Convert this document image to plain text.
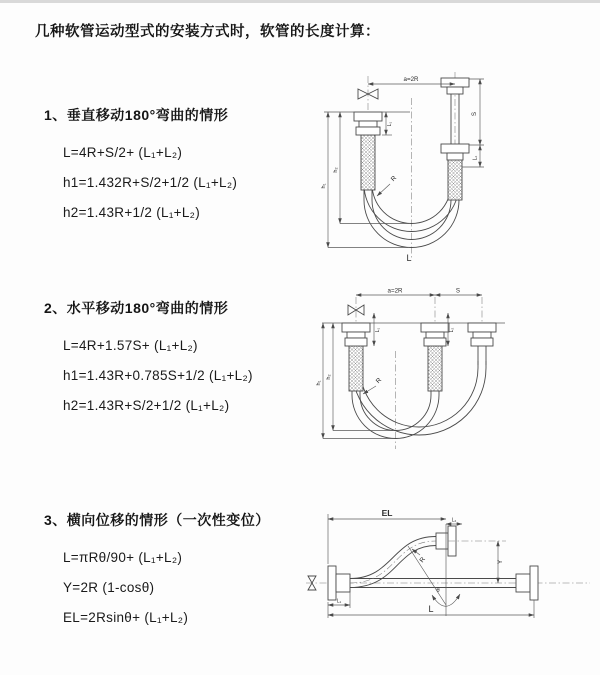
几种软管运动型式的安装方式时，软管的长度计算：
1、垂直移动180°弯曲的情形
L=4R+S/2+ (L₁+L₂)
h1=1.432R+S/2+1/2 (L₁+L₂)
h2=1.43R+1/2 (L₁+L₂)
2、水平移动180°弯曲的情形
L=4R+1.57S+ (L₁+L₂)
h1=1.43R+0.785S+1/2 (L₁+L₂)
h2=1.43R+S/2+1/2 (L₁+L₂)
3、横向位移的情形（一次性变位）
L=πRθ/90+ (L₁+L₂)
Y=2R (1-cosθ)
EL=2Rsinθ+ (L₁+L₂)
a=2R
S
L₂
h₁
h₂
L₁
R
L
a=2R	S
h₁
h₂
L₁	L₂
R
EL
L₂
Y
R
θ
L
L₁
